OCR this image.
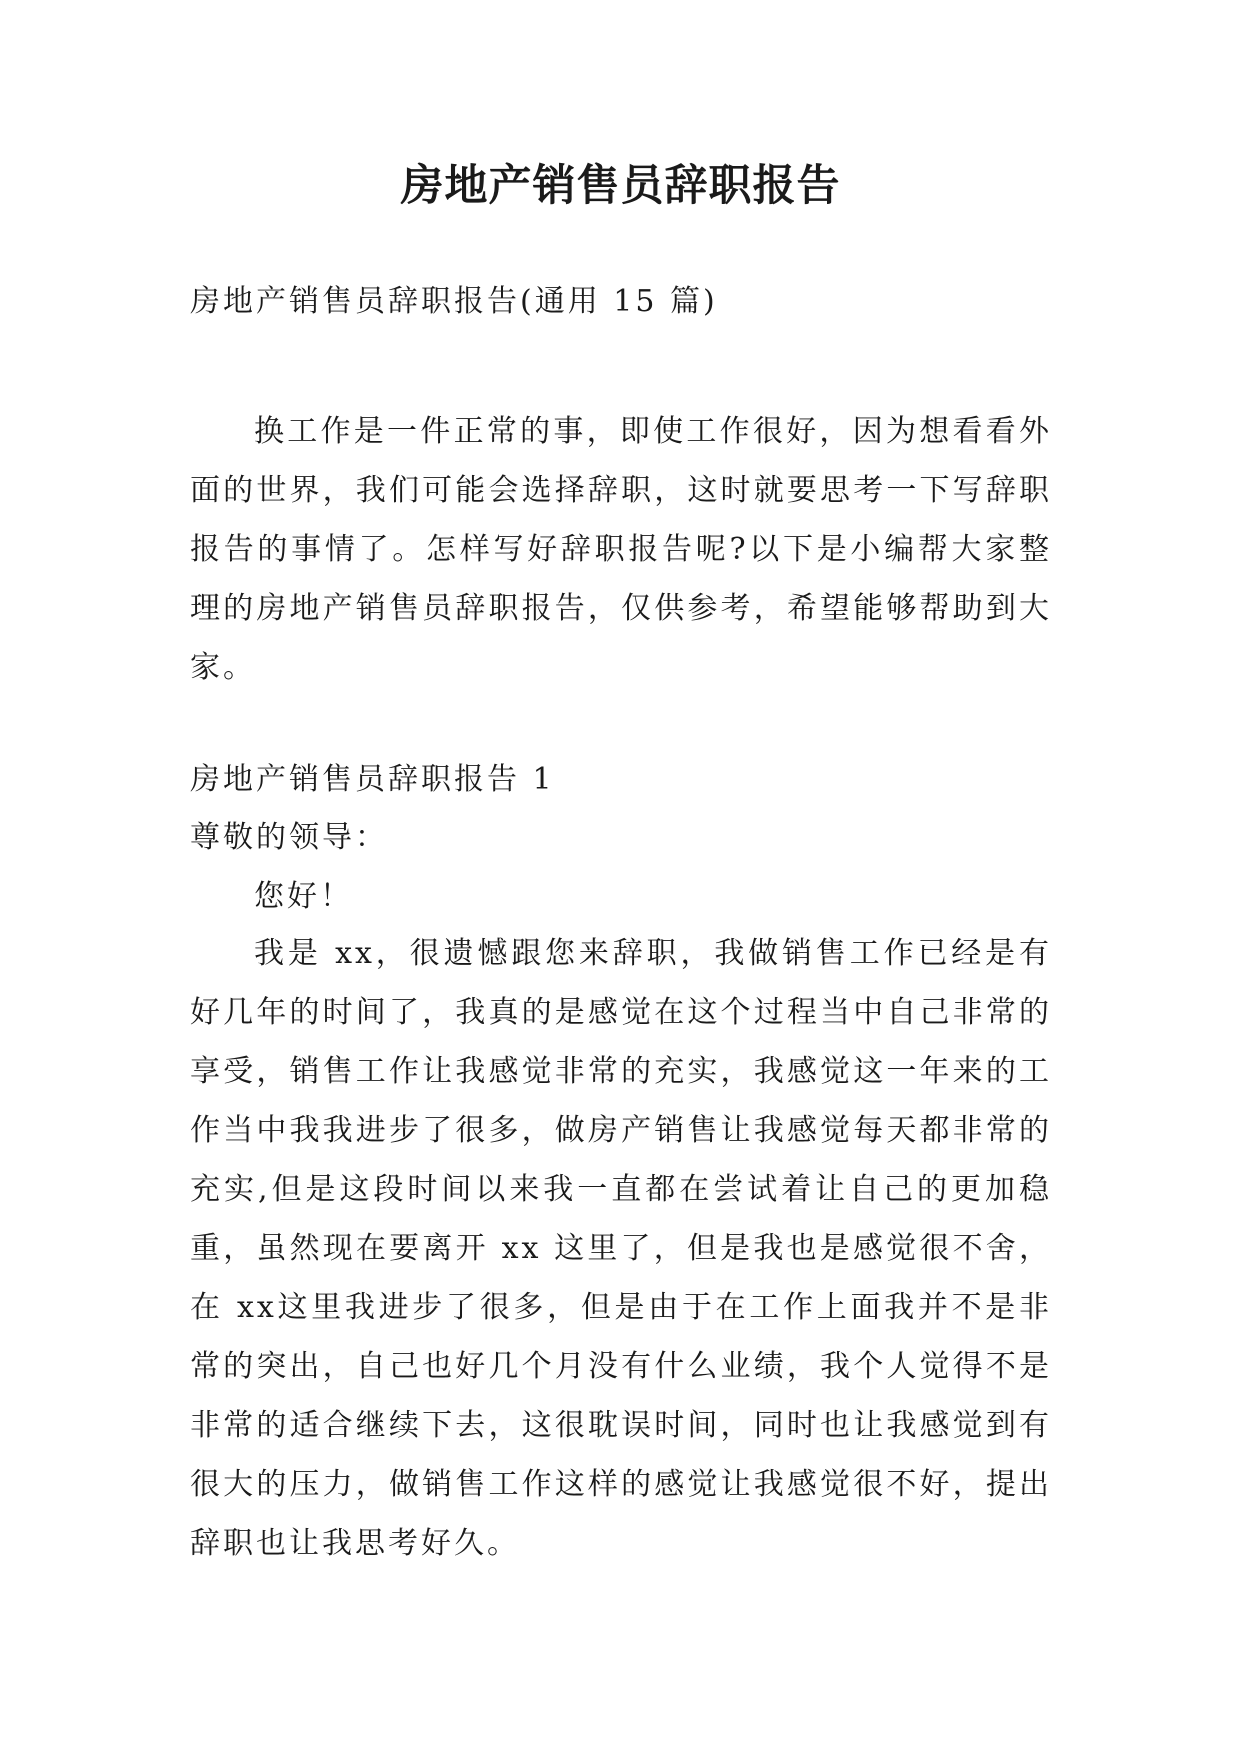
房地产销售员辞职报告
房地产销售员辞职报告(通用 15 篇)
换工作是一件正常的事，即使工作很好，因为想看看外面的世界，我们可能会选择辞职，这时就要思考一下写辞职报告的事情了。怎样写好辞职报告呢?以下是小编帮大家整理的房地产销售员辞职报告，仅供参考，希望能够帮助到大家。
房地产销售员辞职报告 1
尊敬的领导：
您好！
我是 xx，很遗憾跟您来辞职，我做销售工作已经是有好几年的时间了，我真的是感觉在这个过程当中自己非常的享受，销售工作让我感觉非常的充实，我感觉这一年来的工作当中我我进步了很多，做房产销售让我感觉每天都非常的充实,但是这段时间以来我一直都在尝试着让自己的更加稳重，虽然现在要离开 xx 这里了，但是我也是感觉很不舍，在 xx这里我进步了很多，但是由于在工作上面我并不是非常的突出，自己也好几个月没有什么业绩，我个人觉得不是非常的适合继续下去，这很耽误时间，同时也让我感觉到有很大的压力，做销售工作这样的感觉让我感觉很不好，提出辞职也让我思考好久。
